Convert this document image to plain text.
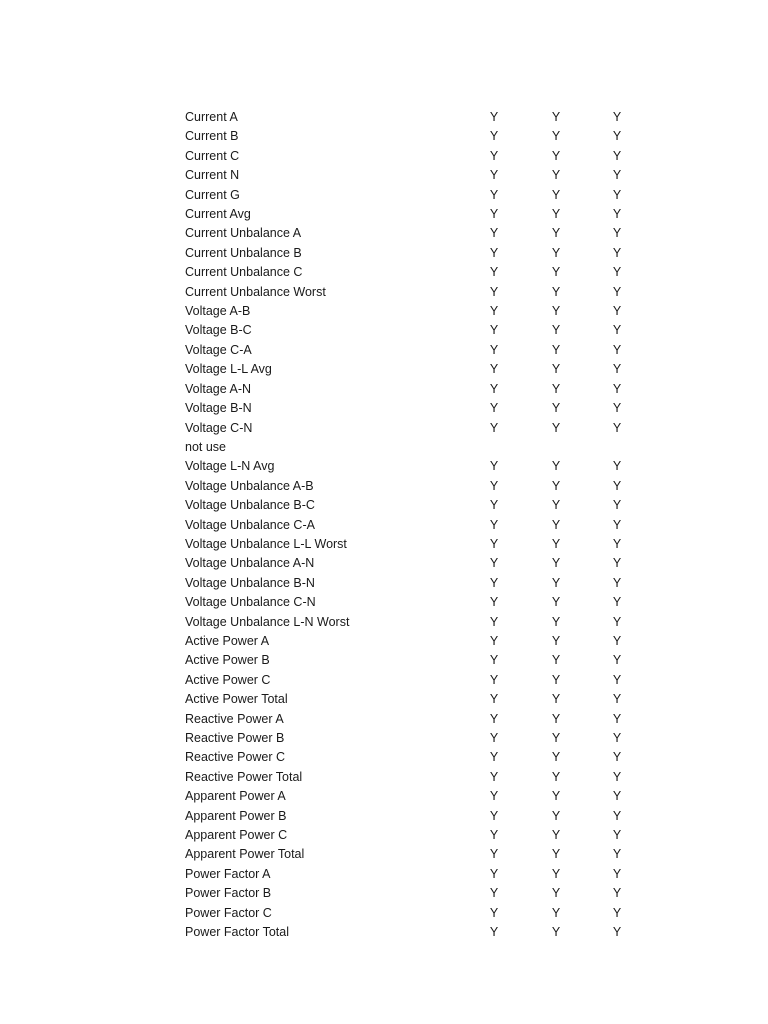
Current A	Y	Y	Y
Current B	Y	Y	Y
Current C	Y	Y	Y
Current N	Y	Y	Y
Current G	Y	Y	Y
Current Avg	Y	Y	Y
Current Unbalance A	Y	Y	Y
Current Unbalance B	Y	Y	Y
Current Unbalance C	Y	Y	Y
Current Unbalance Worst	Y	Y	Y
Voltage A-B	Y	Y	Y
Voltage B-C	Y	Y	Y
Voltage C-A	Y	Y	Y
Voltage L-L Avg	Y	Y	Y
Voltage A-N	Y	Y	Y
Voltage B-N	Y	Y	Y
Voltage C-N	Y	Y	Y
not use
Voltage L-N Avg	Y	Y	Y
Voltage Unbalance A-B	Y	Y	Y
Voltage Unbalance B-C	Y	Y	Y
Voltage Unbalance C-A	Y	Y	Y
Voltage Unbalance L-L Worst	Y	Y	Y
Voltage Unbalance A-N	Y	Y	Y
Voltage Unbalance B-N	Y	Y	Y
Voltage Unbalance C-N	Y	Y	Y
Voltage Unbalance L-N Worst	Y	Y	Y
Active Power A	Y	Y	Y
Active Power B	Y	Y	Y
Active Power C	Y	Y	Y
Active Power Total	Y	Y	Y
Reactive Power A	Y	Y	Y
Reactive Power B	Y	Y	Y
Reactive Power C	Y	Y	Y
Reactive Power Total	Y	Y	Y
Apparent Power A	Y	Y	Y
Apparent Power B	Y	Y	Y
Apparent Power C	Y	Y	Y
Apparent Power Total	Y	Y	Y
Power Factor A	Y	Y	Y
Power Factor B	Y	Y	Y
Power Factor C	Y	Y	Y
Power Factor Total	Y	Y	Y
